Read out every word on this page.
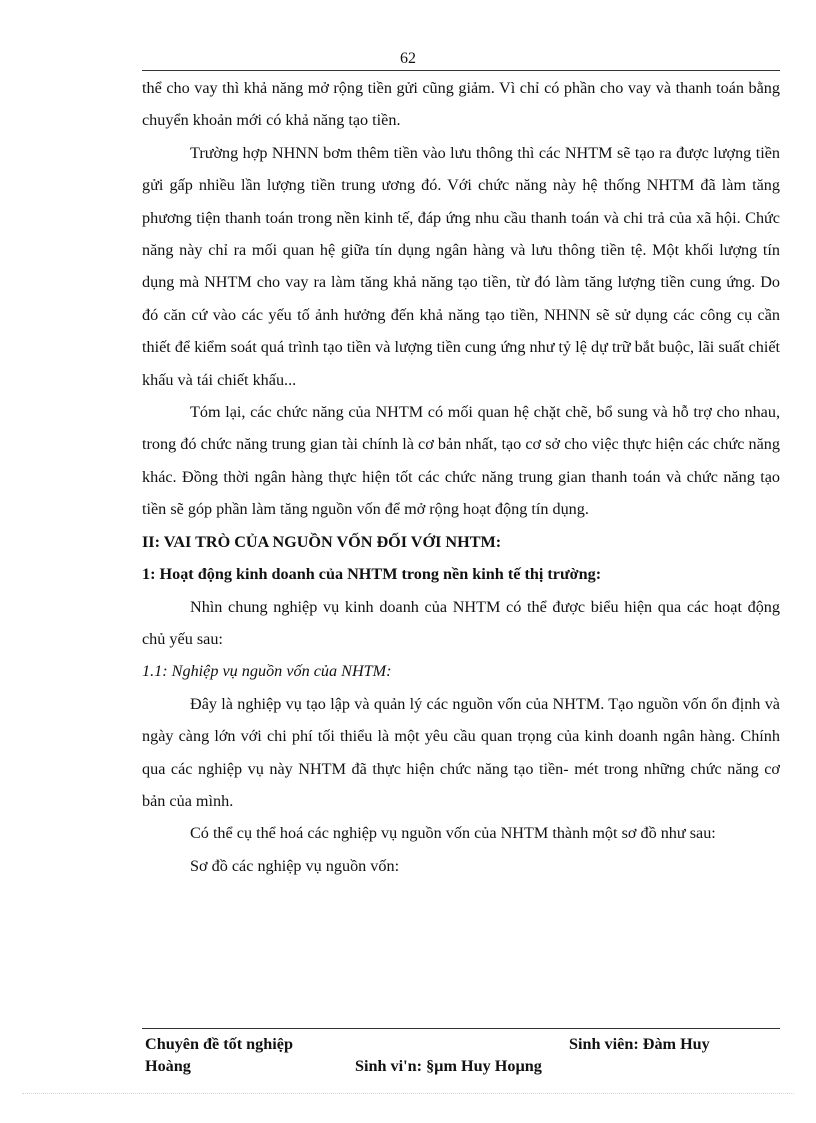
62

thể cho vay thì khả năng mở rộng tiền gửi cũng giảm. Vì chỉ có phần cho vay và thanh toán bằng chuyển khoản mới có khả năng tạo tiền.

Trường hợp NHNN bơm thêm tiền vào lưu thông thì các NHTM sẽ tạo ra được lượng tiền gửi gấp nhiều lần lượng tiền trung ương đó. Với chức năng này hệ thống NHTM đã làm tăng phương tiện thanh toán trong nền kinh tế, đáp ứng nhu cầu thanh toán và chi trả của xã hội. Chức năng này chỉ ra mối quan hệ giữa tín dụng ngân hàng và lưu thông tiền tệ. Một khối lượng tín dụng mà NHTM cho vay ra làm tăng khả năng tạo tiền, từ đó làm tăng lượng tiền cung ứng. Do đó căn cứ vào các yếu tố ảnh hưởng đến khả năng tạo tiền, NHNN sẽ sử dụng các công cụ cần thiết để kiểm soát quá trình tạo tiền và lượng tiền cung ứng như tỷ lệ dự trữ bắt buộc, lãi suất chiết khấu và tái chiết khấu...

Tóm lại, các chức năng của NHTM có mối quan hệ chặt chẽ, bổ sung và hỗ trợ cho nhau, trong đó chức năng trung gian tài chính là cơ bản nhất, tạo cơ sở cho việc thực hiện các chức năng khác. Đồng thời ngân hàng thực hiện tốt các chức năng trung gian thanh toán và chức năng tạo tiền sẽ góp phần làm tăng nguồn vốn để mở rộng hoạt động tín dụng.

II: VAI TRÒ CỦA NGUỒN VỐN ĐỐI VỚI NHTM:

1: Hoạt động kinh doanh của NHTM trong nền kinh tế thị trường:

Nhìn chung nghiệp vụ kinh doanh của NHTM có thể được biểu hiện qua các hoạt động chủ yếu sau:

1.1: Nghiệp vụ nguồn vốn của NHTM:

Đây là nghiệp vụ tạo lập và quản lý các nguồn vốn của NHTM. Tạo nguồn vốn ổn định và ngày càng lớn với chi phí tối thiểu là một yêu cầu quan trọng của kinh doanh ngân hàng. Chính qua các nghiệp vụ này NHTM đã thực hiện chức năng tạo tiền- mét trong những chức năng cơ bản của mình.

Có thể cụ thể hoá các nghiệp vụ nguồn vốn của NHTM thành một sơ đồ như sau:

Sơ đồ các nghiệp vụ nguồn vốn:

Chuyên đề tốt nghiệp	Sinh viên: Đàm Huy
Hoàng	Sinh vi'n: §µm Huy Hoµng
